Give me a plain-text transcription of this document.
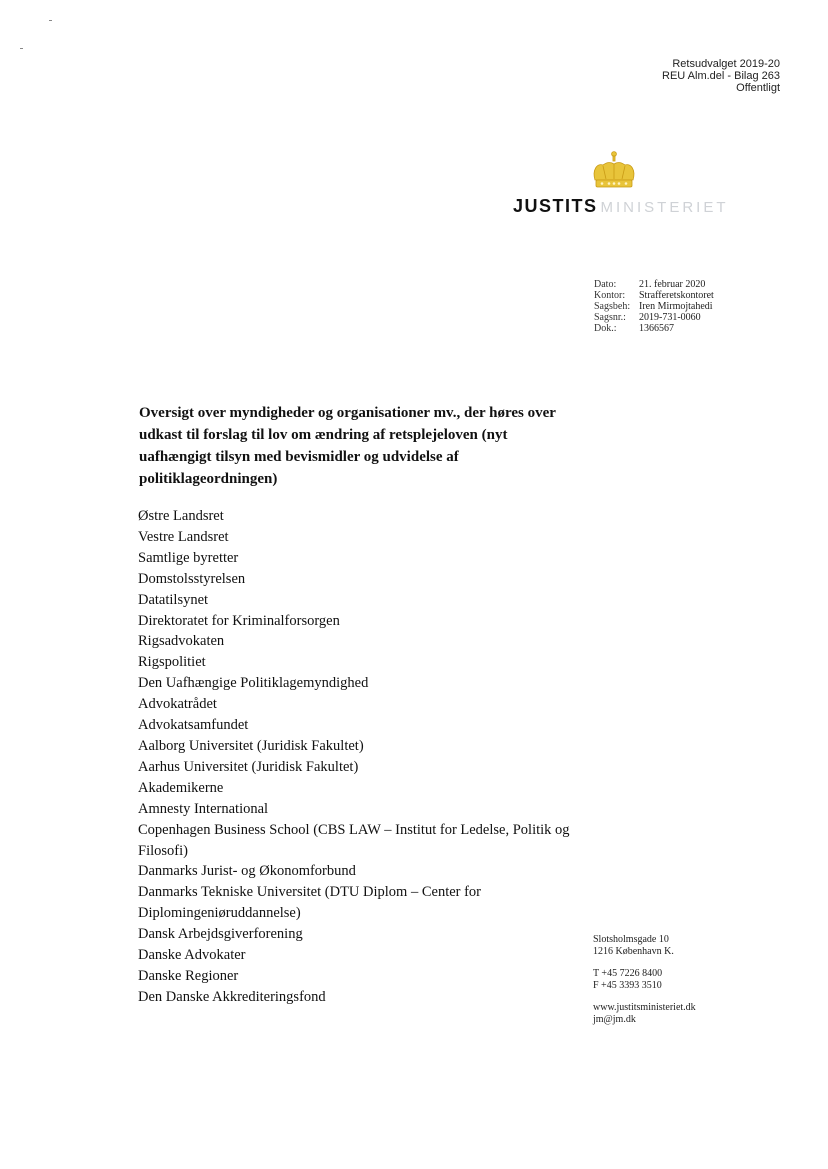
Retsudvalget 2019-20
REU Alm.del - Bilag 263
Offentligt
JUSTITS MINISTERIET
Dato:	21. februar 2020
Kontor:	Strafferetskontoret
Sagsbeh: Iren Mirmojtahedi
Sagsnr.:	2019-731-0060
Dok.:	1366567
Oversigt over myndigheder og organisationer mv., der høres over udkast til forslag til lov om ændring af retsplejeloven (nyt uafhængigt tilsyn med bevismidler og udvidelse af politiklageordningen)
Østre Landsret
Vestre Landsret
Samtlige byretter
Domstolsstyrelsen
Datatilsynet
Direktoratet for Kriminalforsorgen
Rigsadvokaten
Rigspolitiet
Den Uafhængige Politiklagemyndighed
Advokatrådet
Advokatsamfundet
Aalborg Universitet (Juridisk Fakultet)
Aarhus Universitet (Juridisk Fakultet)
Akademikerne
Amnesty International
Copenhagen Business School (CBS LAW – Institut for Ledelse, Politik og Filosofi)
Danmarks Jurist- og Økonomforbund
Danmarks Tekniske Universitet (DTU Diplom – Center for Diplomingeniøruddannelse)
Dansk Arbejdsgiverforening
Danske Advokater
Danske Regioner
Den Danske Akkrediteringsfond
Slotsholmsgade 10
1216 København K.
T +45 7226 8400
F +45 3393 3510
www.justitsministeriet.dk
jm@jm.dk
